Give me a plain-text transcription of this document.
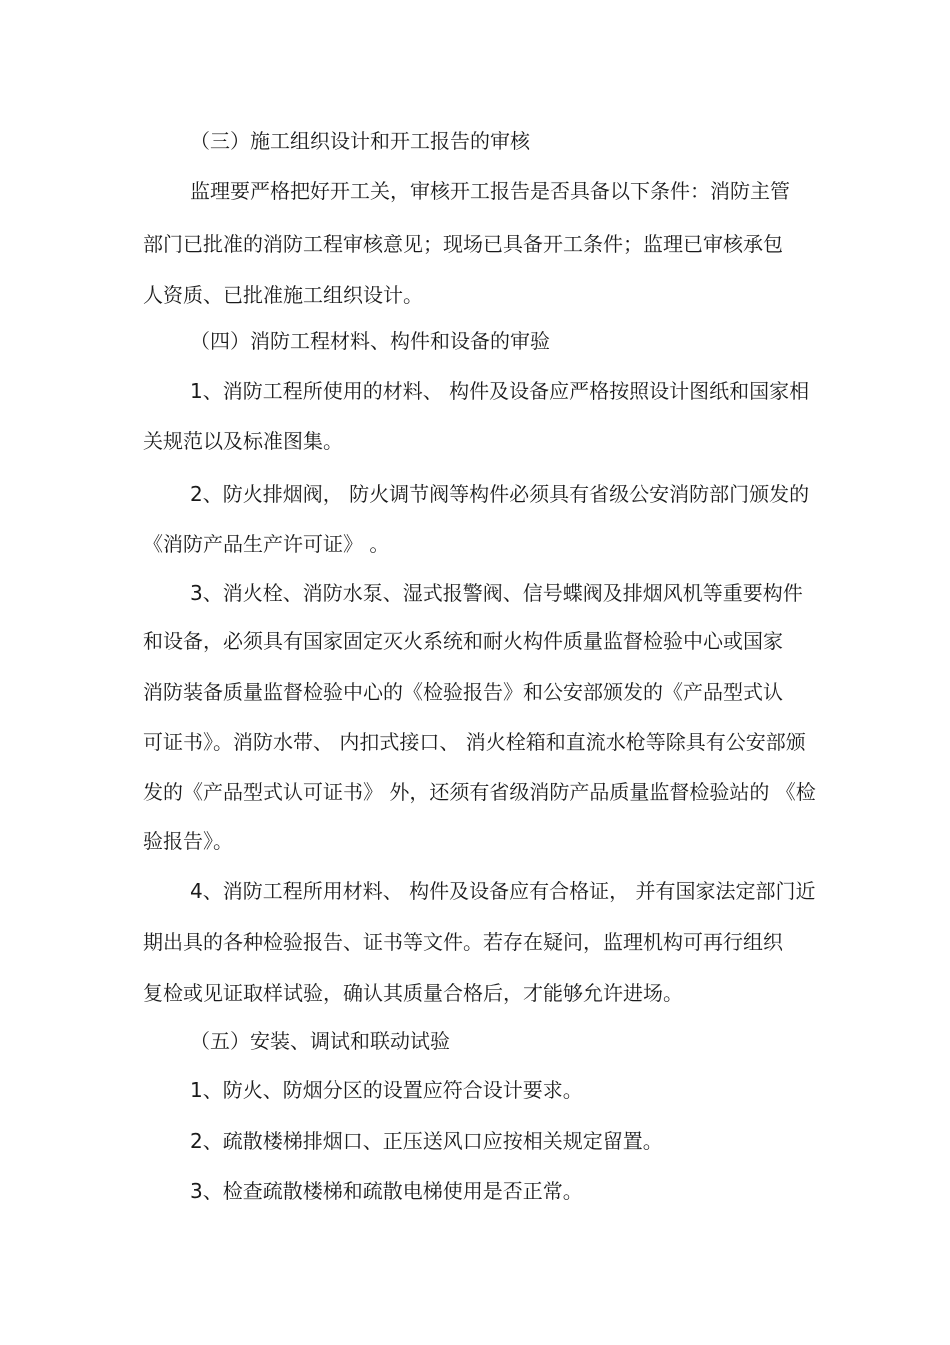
（三）施工组织设计和开工报告的审核
监理要严格把好开工关，审核开工报告是否具备以下条件：消防主管
部门已批准的消防工程审核意见；现场已具备开工条件；监理已审核承包
人资质、已批准施工组织设计。
（四）消防工程材料、构件和设备的审验
1、消防工程所使用的材料、 构件及设备应严格按照设计图纸和国家相
关规范以及标准图集。
2、防火排烟阀， 防火调节阀等构件必须具有省级公安消防部门颁发的
《消防产品生产许可证》 。
3、消火栓、消防水泵、湿式报警阀、信号蝶阀及排烟风机等重要构件
和设备，必须具有国家固定灭火系统和耐火构件质量监督检验中心或国家
消防装备质量监督检验中心的《检验报告》和公安部颁发的《产品型式认
可证书》。消防水带、 内扣式接口、 消火栓箱和直流水枪等除具有公安部颁
发的《产品型式认可证书》 外，还须有省级消防产品质量监督检验站的 《检
验报告》。
4、消防工程所用材料、 构件及设备应有合格证， 并有国家法定部门近
期出具的各种检验报告、证书等文件。若存在疑问，监理机构可再行组织
复检或见证取样试验，确认其质量合格后，才能够允许进场。
（五）安装、调试和联动试验
1、防火、防烟分区的设置应符合设计要求。
2、疏散楼梯排烟口、正压送风口应按相关规定留置。
3、检查疏散楼梯和疏散电梯使用是否正常。
